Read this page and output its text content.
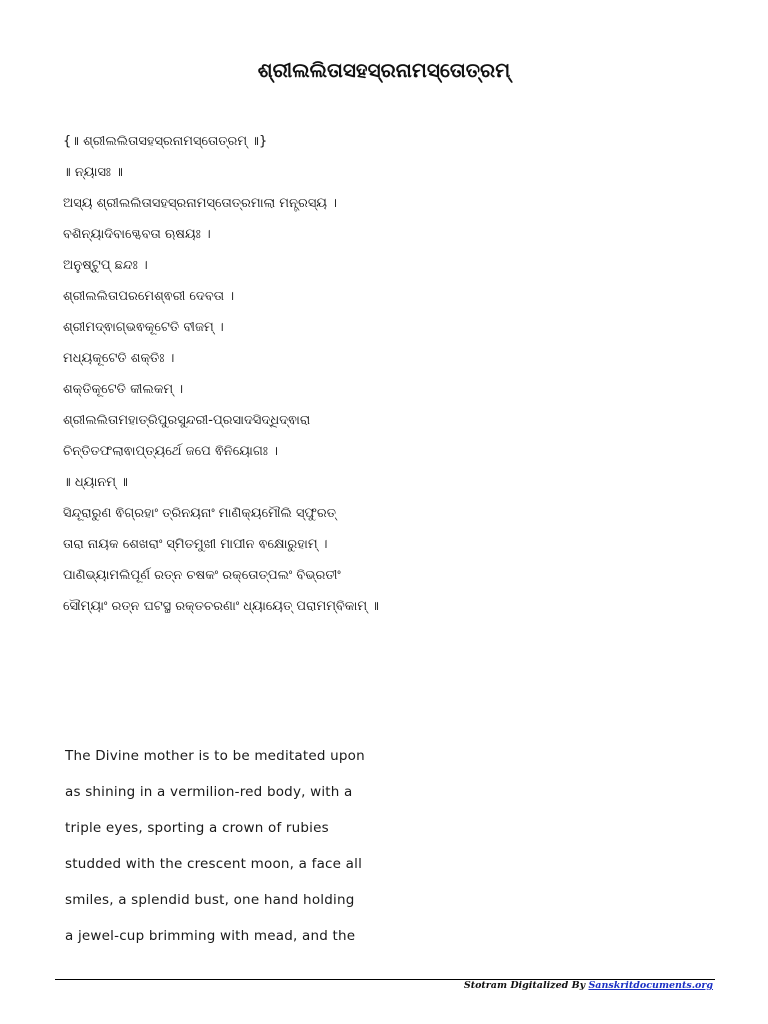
ଶ୍ରୀଲଲିତାସହସ୍ରନାମସ୍ତୋତ୍ରମ୍
{॥ ଶ୍ରୀଲଲିତାସହସ୍ରନାମସ୍ତୋତ୍ରମ୍ ॥}
॥ ନ୍ୟାସଃ ॥
ଅସ୍ୟ ଶ୍ରୀଲଲିତାସହସ୍ରନାମସ୍ତୋତ୍ରମାଲା ମନ୍ତ୍ରସ୍ୟ ।
ବଶିନ୍ୟାଦିବାଗ୍ଦେବତା ଋଷୟଃ ।
ଅନୁଷ୍ଟୁପ୍ ଛନ୍ଦଃ ।
ଶ୍ରୀଲଲିତାପରମେଶ୍ଵରୀ ଦେବତା ।
ଶ୍ରୀମଦ୍ଵାଗ୍ଭଵକୂଟେତି ବୀଜମ୍ ।
ମଧ୍ୟକୂଟେତି ଶକ୍ତିଃ ।
ଶକ୍ତିକୂଟେତି କୀଲକମ୍ ।
ଶ୍ରୀଲଲିତାମହାତ୍ରିପୁରସୁନ୍ଦରୀ-ପ୍ରସାଦସିଦ୍ଧିଦ୍ଵାରା
ଚିନ୍ତିତଫଲାଵାପ୍ତ୍ୟର୍ଥେ ଜପେ ଵିନିୟୋଗଃ ।
॥ ଧ୍ୟାନମ୍ ॥
ସିନ୍ଦୂରାରୁଣ ଵିଗ୍ରହାଂ ତ୍ରିନୟନାଂ ମାଣିକ୍ୟମୌଲି ସ୍ଫୁରତ୍
ତାରା ନାୟକ ଶେଖରାଂ ସ୍ମିତମୁଖୀ ମାପୀନ ଵକ୍ଷୋରୁହାମ୍ ।
ପାଣିଭ୍ୟାମଲିପୂର୍ଣ ରତ୍ନ ଚଷକଂ ରକ୍ତୋତ୍ପଲଂ ବିଭ୍ରତୀଂ
ସୌମ୍ୟାଂ ରତ୍ନ ଘଟସ୍ଥ ରକ୍ତଚରଣାଂ ଧ୍ୟାୟେତ୍ ପରାମମ୍ବିକାମ୍ ॥
The Divine mother is to be meditated upon
as shining in a vermilion-red body, with a
triple eyes, sporting a crown of rubies
studded with the crescent moon, a face all
smiles, a splendid bust, one hand holding
a jewel-cup brimming with mead, and the
Stotram Digitalized By Sanskritdocuments.org
